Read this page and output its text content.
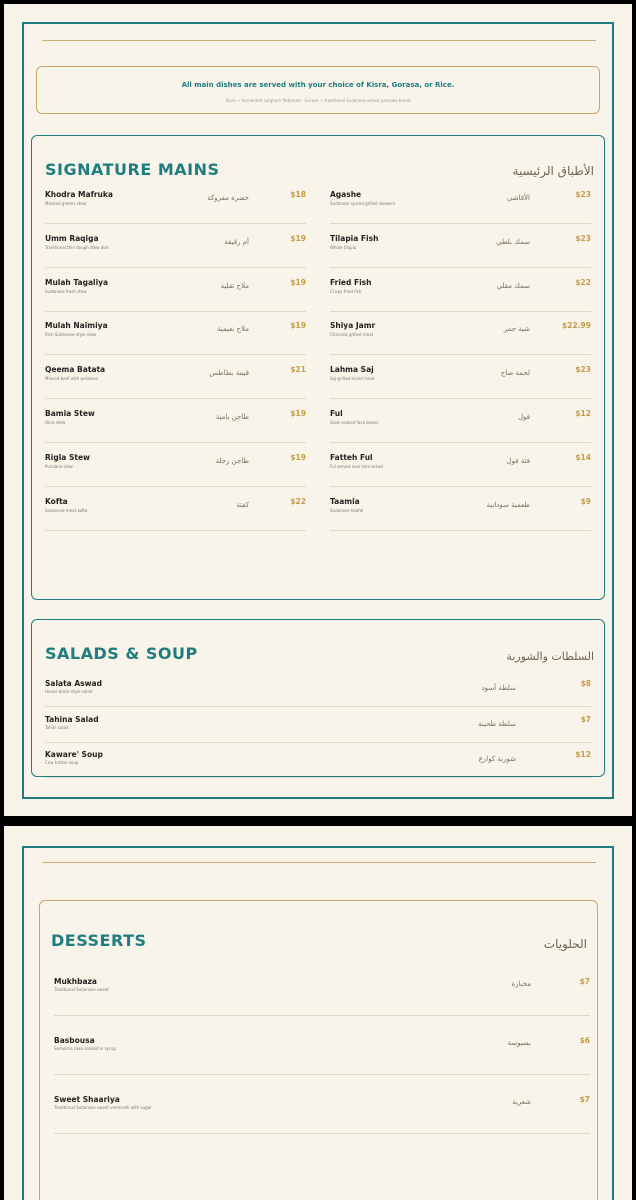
All main dishes are served with your choice of Kisra, Gorasa, or Rice.
Kisra ~ fermented sorghum flatbread · Gorasa ~ traditional Sudanese wheat pancake bread
SIGNATURE MAINS	الأطباق الرئيسية
Khodra Mafruka
Mashed greens stew
خضرة مفروكة	$18
Umm Raqiga
Traditional thin dough stew dish
أم رقيقة	$19
Mulah Tagaliya
Sudanese fresh stew
ملاح تقلية	$19
Mulah Naimiya
Rich Sudanese-style stew
ملاح نعيمية	$19
Qeema Batata
Minced beef with potatoes
قيمة بطاطس	$21
Bamia Stew
Okra stew
طاجن بامية	$19
Rigla Stew
Purslane stew
طاجن رجلة	$19
Kofta
Seasoned meat kofta
كفتة	$22
Agashe
Sudanese spiced grilled skewers
الأقاشي	$23
Tilapia Fish
Whole tilapia
سمك بلطي	$23
Fried Fish
Crispy fried fish
سمك مقلي	$22
Shiya Jamr
Charcoal-grilled meat
شية جمر	$22.99
Lahma Saj
Saj-grilled sliced meat
لحمة صاج	$23
Ful
Slow-cooked fava beans
فول	$12
Fatteh Ful
Ful served over torn bread
فتة فول	$14
Taamia
Sudanese falafel
طعمية سودانية	$9
SALADS & SOUP	السلطات والشوربة
Salata Aswad
House black-style salad	سلطة أسود	$8
Tahina Salad
Tahini salad	سلطة طحينة	$7
Kaware' Soup
Cow trotter soup	شوربة كوارع	$12
DESSERTS	الحلويات
Mukhbaza
Traditional Sudanese sweet
مخبازة	$7
Basbousa
Semolina cake soaked in syrup
بسبوسة	$6
Sweet Shaariya
Traditional Sudanese sweet vermicelli with sugar
شعرية	$7
